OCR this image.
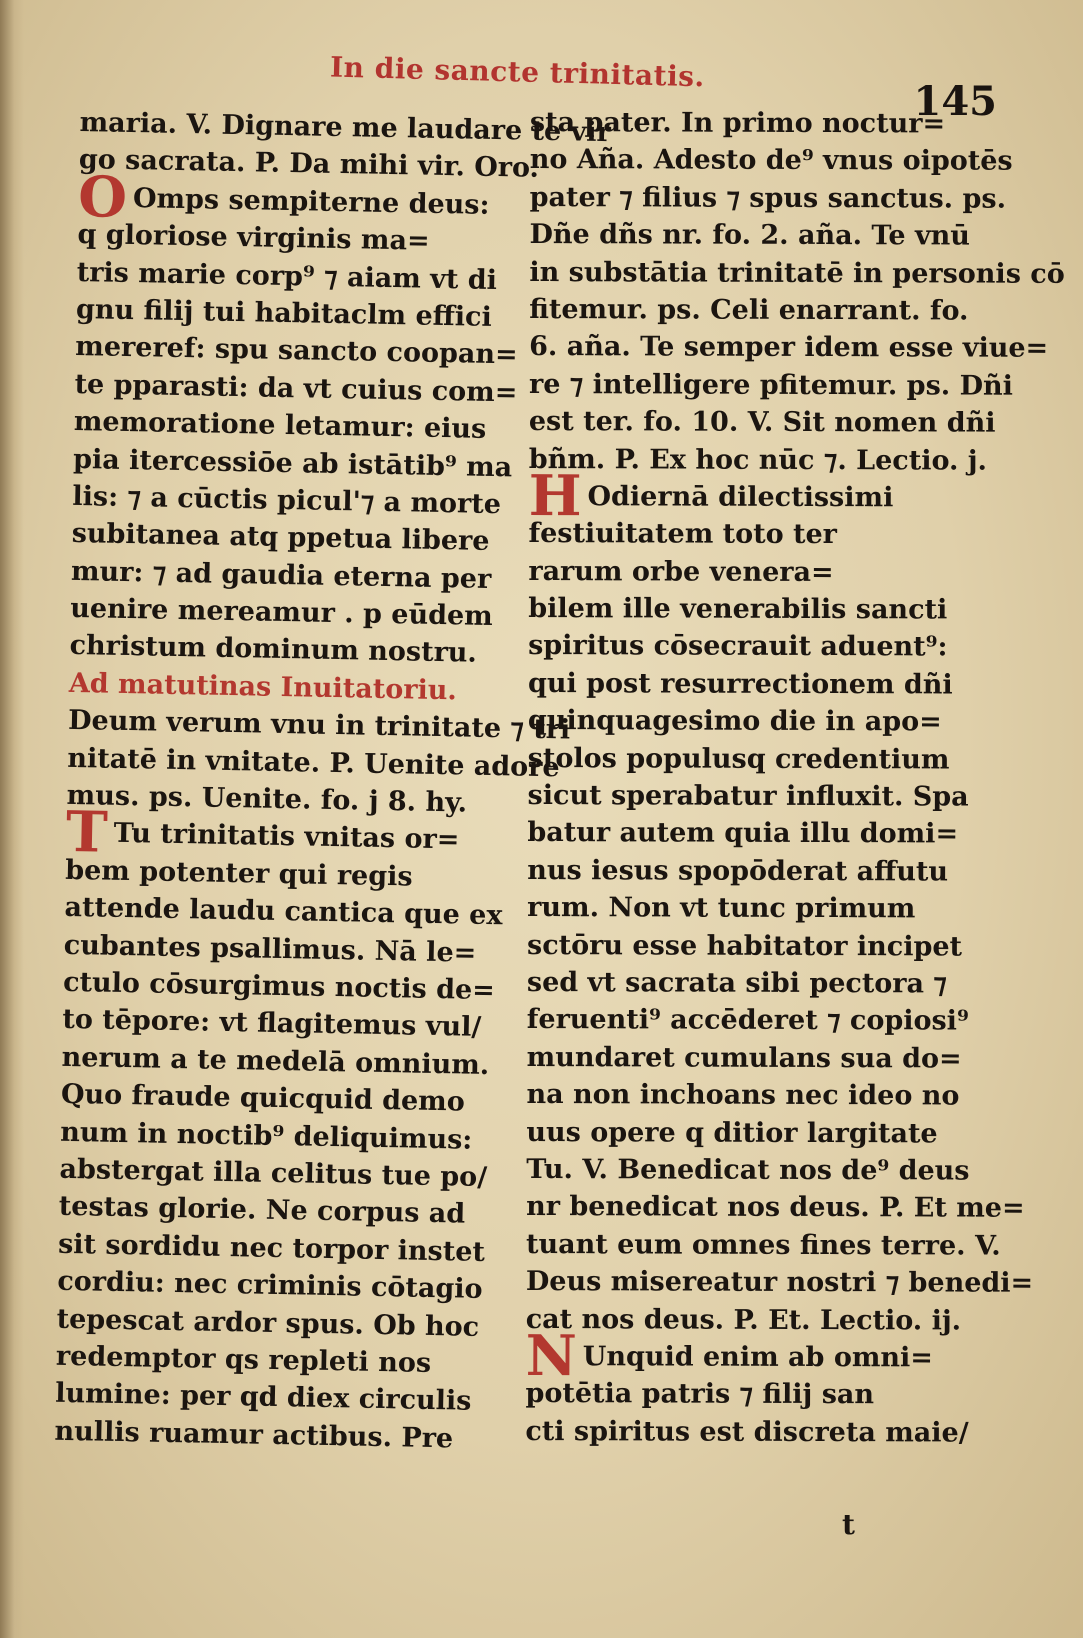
In die sancte trinitatis.
145
maria. V. Dignare me laudare te vir
go sacrata. P. Da mihi vir. Oro.
O Omps sempiterne deus:
q gloriose virginis ma=
tris marie corp⁹ ⁊ aiam vt di
gnu filij tui habitaclm effici
mereref: spu sancto coopan=
te pparasti: da vt cuius com=
memoratione letamur: eius
pia itercessiōe ab istātib⁹ ma
lis: ⁊ a cūctis picul'⁊ a morte
subitanea atq ppetua libere
mur: ⁊ ad gaudia eterna per
uenire mereamur . p eūdem
christum dominum nostru.
Ad matutinas Inuitatoriu.
Deum verum vnu in trinitate ⁊ tri
nitatē in vnitate. P. Uenite adore
mus. ps. Uenite. fo. j 8. hy.
T Tu trinitatis vnitas or=
bem potenter qui regis
attende laudu cantica que ex
cubantes psallimus. Nā le=
ctulo cōsurgimus noctis de=
to tēpore: vt flagitemus vul/
nerum a te medelā omnium.
Quo fraude quicquid demo
num in noctib⁹ deliquimus:
abstergat illa celitus tue po/
testas glorie. Ne corpus ad
sit sordidu nec torpor instet
cordiu: nec criminis cōtagio
tepescat ardor spus. Ob hoc
redemptor qs repleti nos
lumine: per qd diex circulis
nullis ruamur actibus. Pre
sta pater. In primo noctur=
no Aña. Adesto de⁹ vnus oipotēs
pater ⁊ filius ⁊ spus sanctus. ps.
Dñe dñs nr. fo. 2. aña. Te vnū
in substātia trinitatē in personis cō
fitemur. ps. Celi enarrant. fo.
6. aña. Te semper idem esse viue=
re ⁊ intelligere pfitemur. ps. Dñi
est ter. fo. 10. V. Sit nomen dñi
bñm. P. Ex hoc nūc ⁊. Lectio. j.
H Odiernā dilectissimi
festiuitatem toto ter
rarum orbe venera=
bilem ille venerabilis sancti
spiritus cōsecrauit aduent⁹:
qui post resurrectionem dñi
quinquagesimo die in apo=
stolos populusq credentium
sicut sperabatur influxit. Spa
batur autem quia illu domi=
nus iesus spopōderat affutu
rum. Non vt tunc primum
sctōru esse habitator incipet
sed vt sacrata sibi pectora ⁊
feruenti⁹ accēderet ⁊ copiosi⁹
mundaret cumulans sua do=
na non inchoans nec ideo no
uus opere q ditior largitate
Tu. V. Benedicat nos de⁹ deus
nr benedicat nos deus. P. Et me=
tuant eum omnes fines terre. V.
Deus misereatur nostri ⁊ benedi=
cat nos deus. P. Et. Lectio. ij.
N Unquid enim ab omni=
potētia patris ⁊ filij san
cti spiritus est discreta maie/
t
